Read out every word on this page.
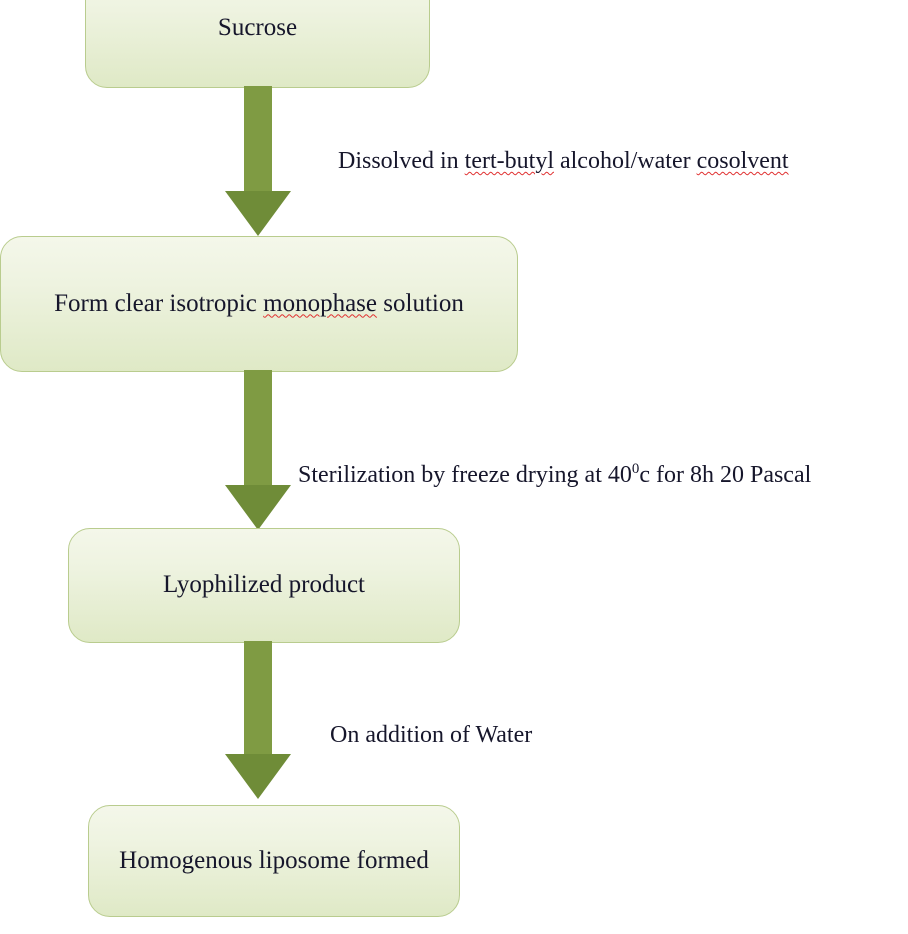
Sucrose
Dissolved in tert-butyl alcohol/water cosolvent
Form clear isotropic monophase solution
Sterilization by freeze drying at $40^0c$ for 8h 20 Pascal
Lyophilized product
On addition of Water
Homogenous liposome formed
